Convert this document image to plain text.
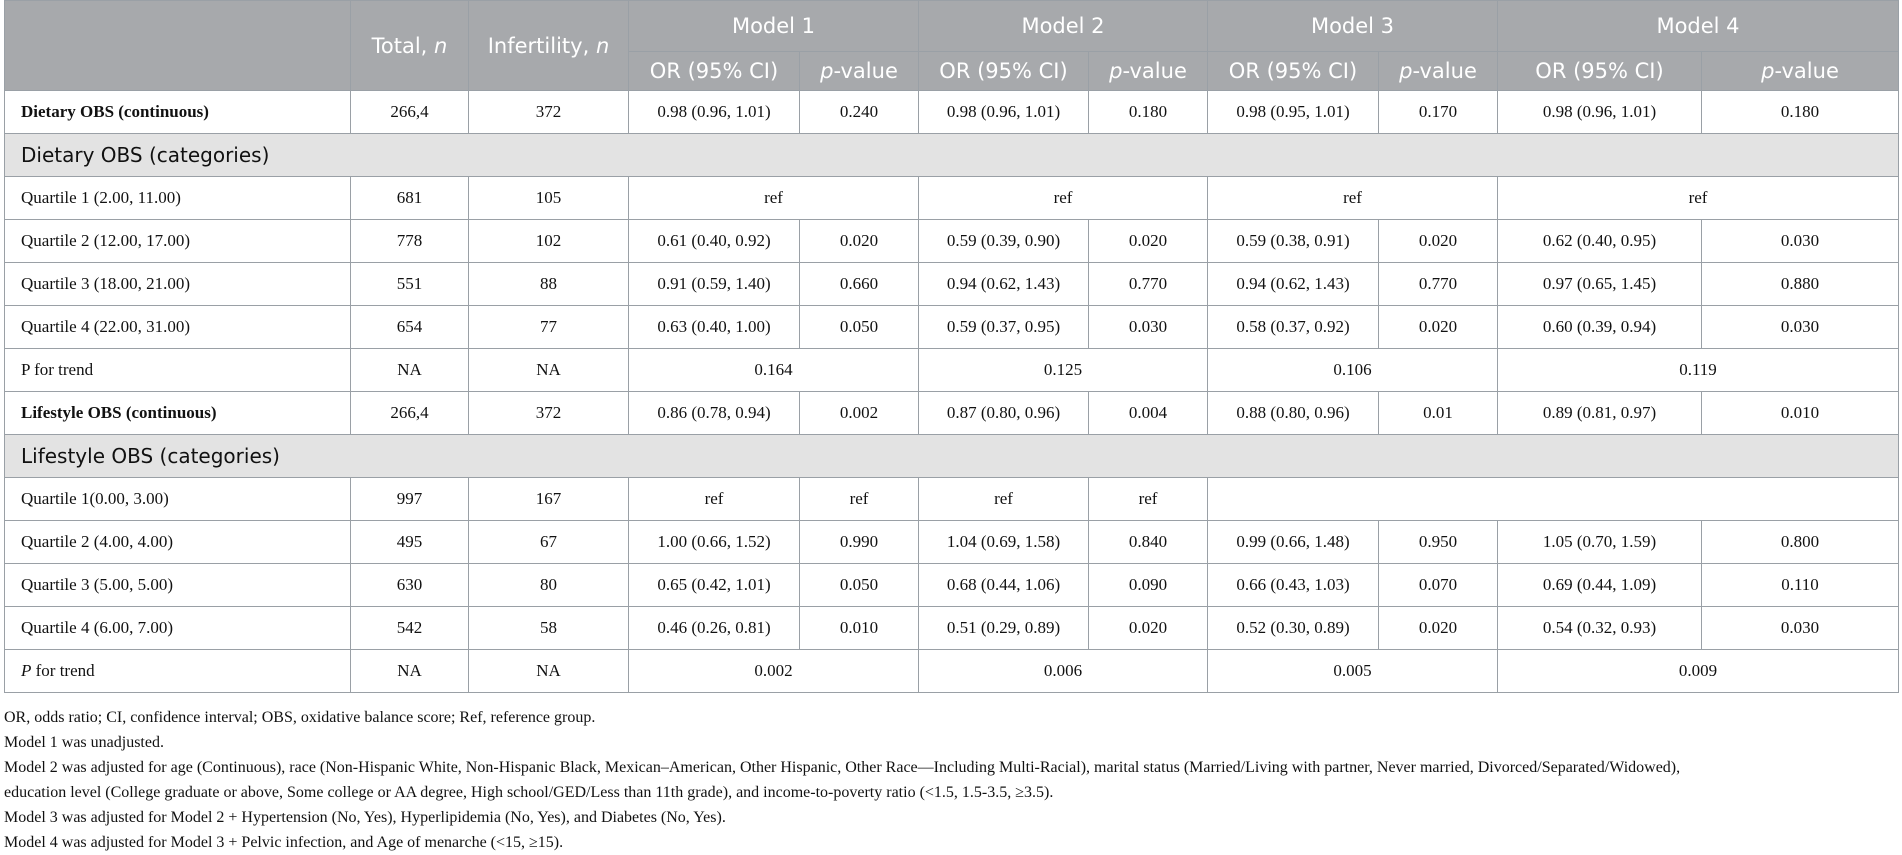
	Total, n	Infertility, n	Model 1		Model 2		Model 3		Model 4	
			OR (95% CI)	p-value	OR (95% CI)	p-value	OR (95% CI)	p-value	OR (95% CI)	p-value
Dietary OBS (continuous)	266,4	372	0.98 (0.96, 1.01)	0.240	0.98 (0.96, 1.01)	0.180	0.98 (0.95, 1.01)	0.170	0.98 (0.96, 1.01)	0.180
Dietary OBS (categories)										
Quartile 1 (2.00, 11.00)	681	105	ref		ref		ref		ref	
Quartile 2 (12.00, 17.00)	778	102	0.61 (0.40, 0.92)	0.020	0.59 (0.39, 0.90)	0.020	0.59 (0.38, 0.91)	0.020	0.62 (0.40, 0.95)	0.030
Quartile 3 (18.00, 21.00)	551	88	0.91 (0.59, 1.40)	0.660	0.94 (0.62, 1.43)	0.770	0.94 (0.62, 1.43)	0.770	0.97 (0.65, 1.45)	0.880
Quartile 4 (22.00, 31.00)	654	77	0.63 (0.40, 1.00)	0.050	0.59 (0.37, 0.95)	0.030	0.58 (0.37, 0.92)	0.020	0.60 (0.39, 0.94)	0.030
P for trend	NA	NA	0.164		0.125		0.106		0.119	
Lifestyle OBS (continuous)	266,4	372	0.86 (0.78, 0.94)	0.002	0.87 (0.80, 0.96)	0.004	0.88 (0.80, 0.96)	0.01	0.89 (0.81, 0.97)	0.010
Lifestyle OBS (categories)										
Quartile 1(0.00, 3.00)	997	167	ref	ref	ref	ref				
Quartile 2 (4.00, 4.00)	495	67	1.00 (0.66, 1.52)	0.990	1.04 (0.69, 1.58)	0.840	0.99 (0.66, 1.48)	0.950	1.05 (0.70, 1.59)	0.800
Quartile 3 (5.00, 5.00)	630	80	0.65 (0.42, 1.01)	0.050	0.68 (0.44, 1.06)	0.090	0.66 (0.43, 1.03)	0.070	0.69 (0.44, 1.09)	0.110
Quartile 4 (6.00, 7.00)	542	58	0.46 (0.26, 0.81)	0.010	0.51 (0.29, 0.89)	0.020	0.52 (0.30, 0.89)	0.020	0.54 (0.32, 0.93)	0.030
P for trend	NA	NA	0.002		0.006		0.005		0.009	

OR, odds ratio; CI, confidence interval; OBS, oxidative balance score; Ref, reference group.

Model 1 was unadjusted.

Model 2 was adjusted for age (Continuous), race (Non-Hispanic White, Non-Hispanic Black, Mexican–American, Other Hispanic, Other Race—Including Multi-Racial), marital status (Married/Living with partner, Never married, Divorced/Separated/Widowed),

education level (College graduate or above, Some college or AA degree, High school/GED/Less than 11th grade), and income-to-poverty ratio (<1.5, 1.5-3.5, ≥3.5).

Model 3 was adjusted for Model 2 + Hypertension (No, Yes), Hyperlipidemia (No, Yes), and Diabetes (No, Yes).

Model 4 was adjusted for Model 3 + Pelvic infection, and Age of menarche (<15, ≥15).
